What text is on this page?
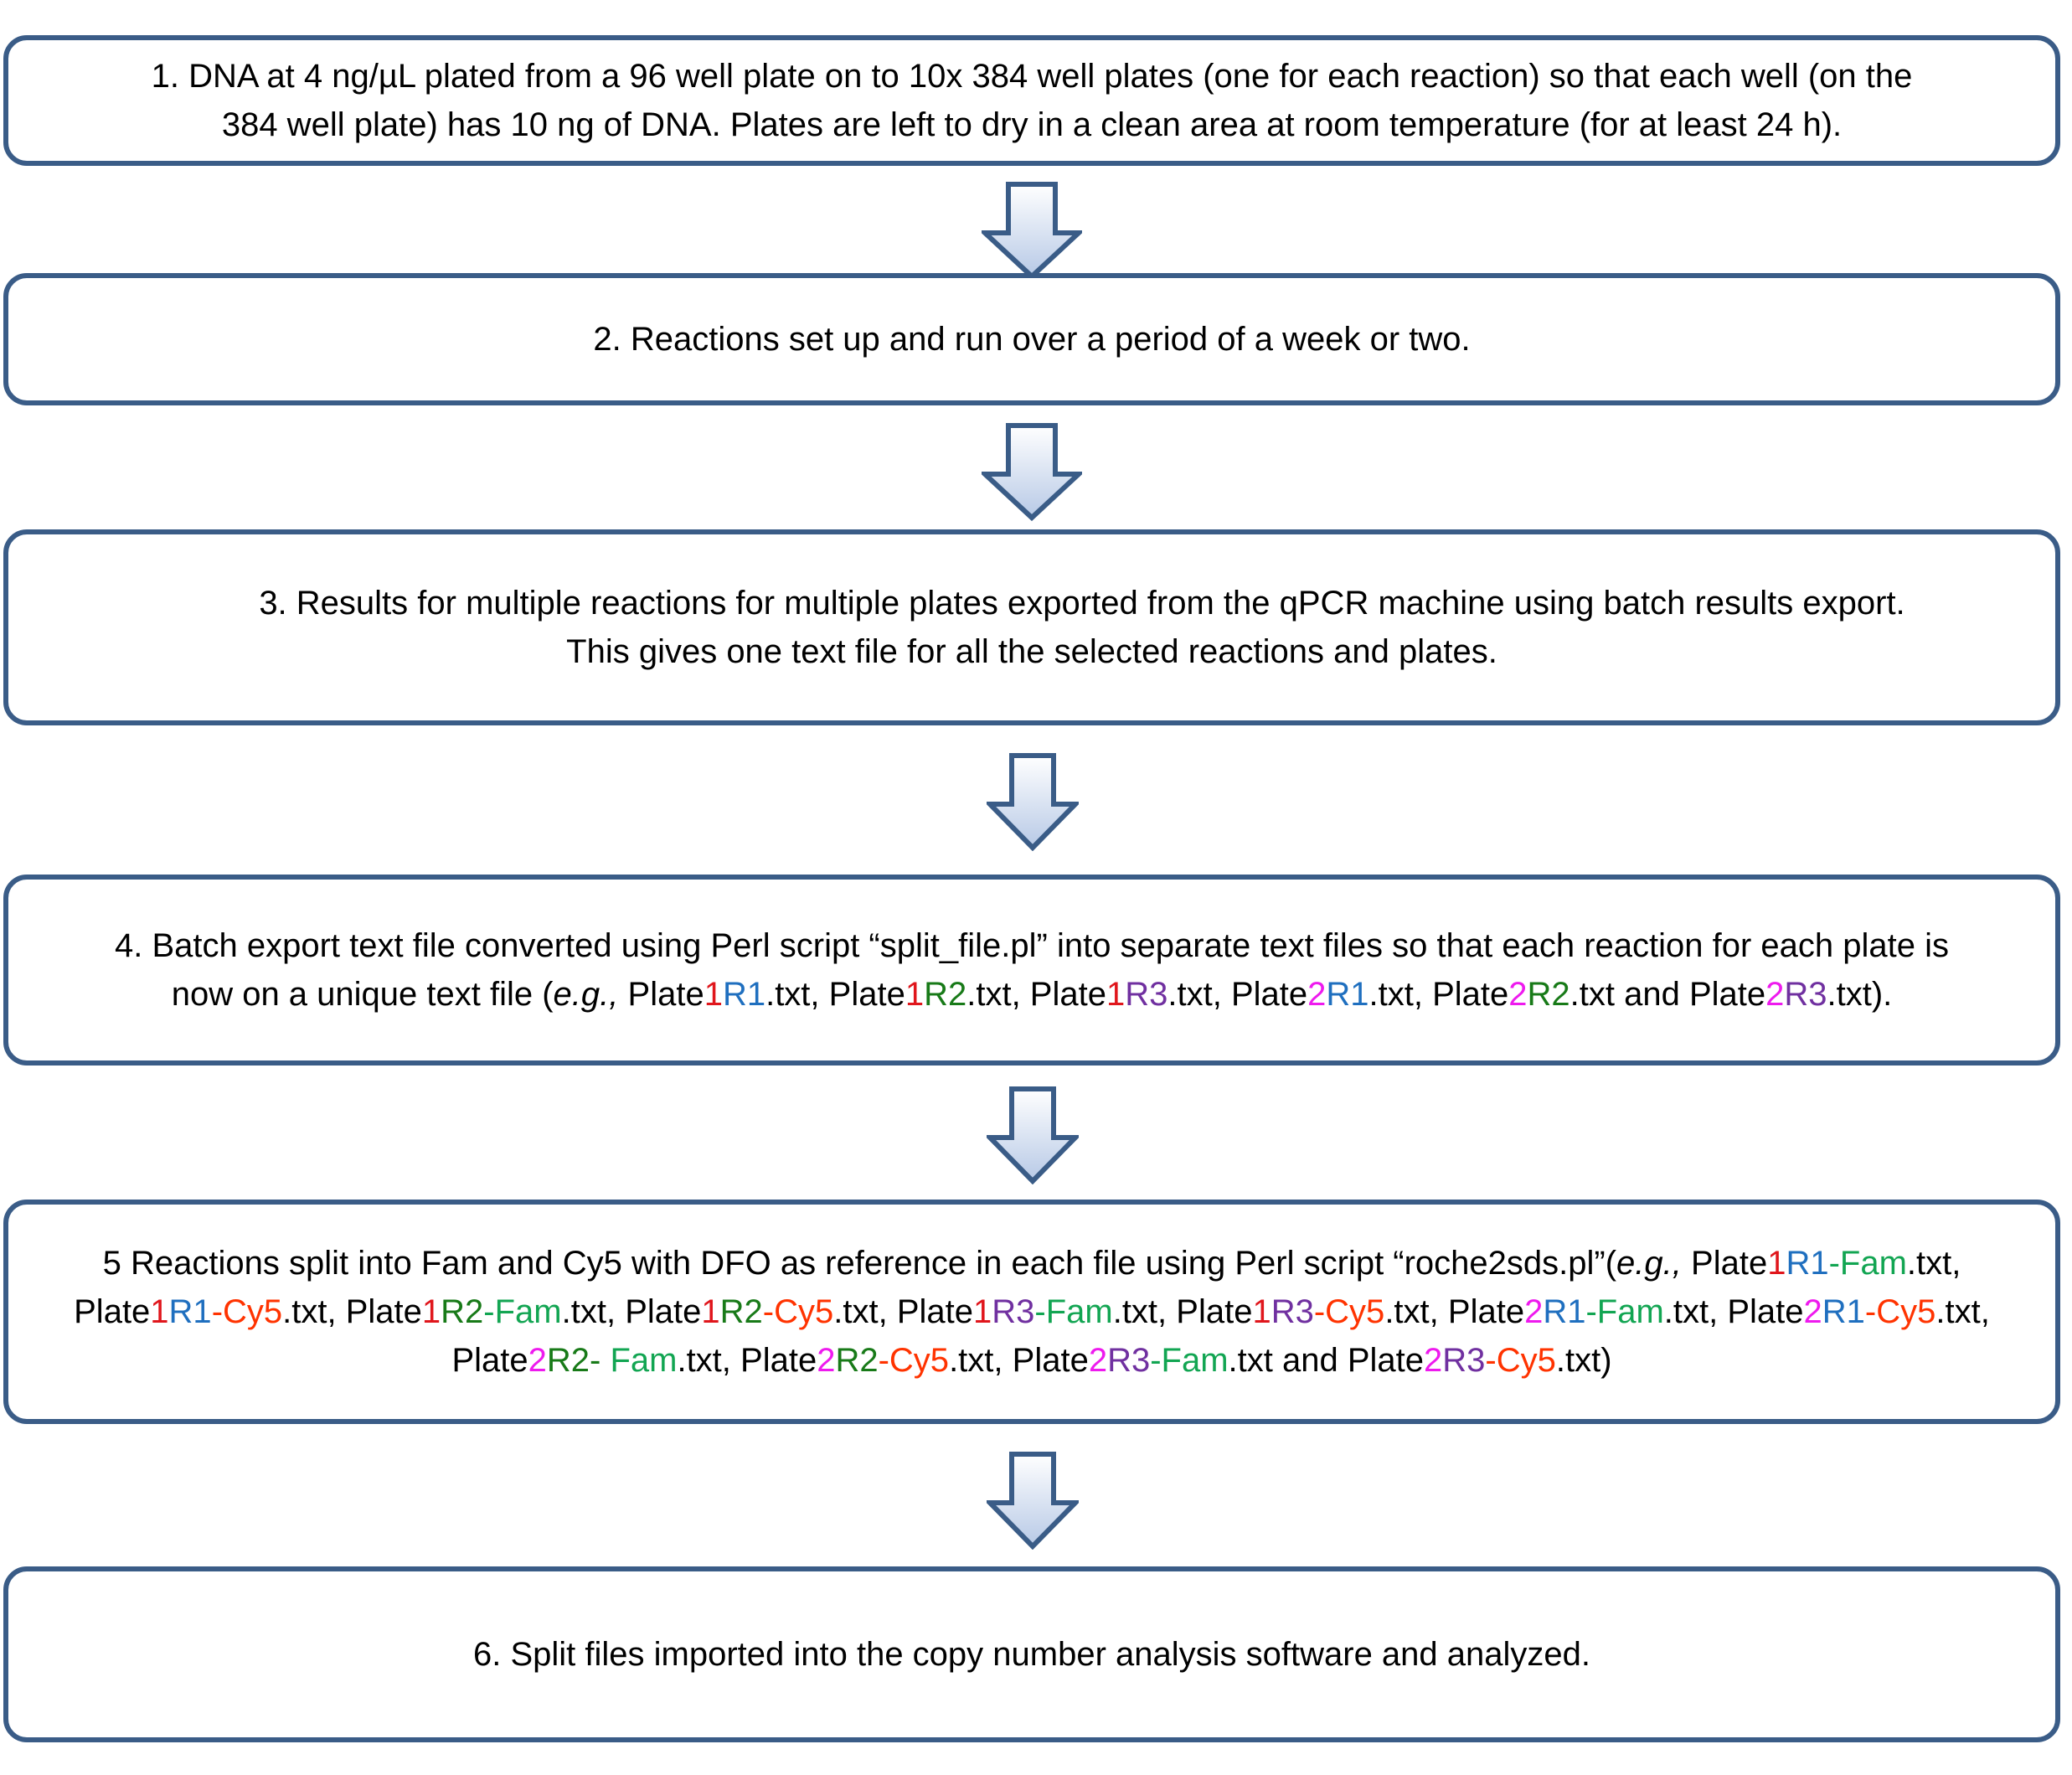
1. DNA at 4 ng/µL plated from a 96 well plate on to 10x 384 well plates (one for each reaction) so that each well (on the
384 well plate) has 10 ng of DNA. Plates are left to dry in a clean area at room temperature (for at least 24 h).
2. Reactions set up and run over a period of a week or two.
3. Results for multiple reactions for multiple plates exported from the qPCR machine using batch results export.
This gives one text file for all the selected reactions and plates.
4. Batch export text file converted using Perl script “split_file.pl” into separate text files so that each reaction for each plate is
now on a unique text file (e.g., Plate1R1.txt, Plate1R2.txt, Plate1R3.txt, Plate2R1.txt, Plate2R2.txt and Plate2R3.txt).
5 Reactions split into Fam and Cy5 with DFO as reference in each file using Perl script “roche2sds.pl”(e.g., Plate1R1-Fam.txt, Plate1R1-Cy5.txt, Plate1R2-Fam.txt, Plate1R2-Cy5.txt, Plate1R3-Fam.txt, Plate1R3-Cy5.txt, Plate2R1-Fam.txt, Plate2R1-Cy5.txt, Plate2R2- Fam.txt, Plate2R2-Cy5.txt, Plate2R3-Fam.txt and Plate2R3-Cy5.txt)
6. Split files imported into the copy number analysis software and analyzed.
